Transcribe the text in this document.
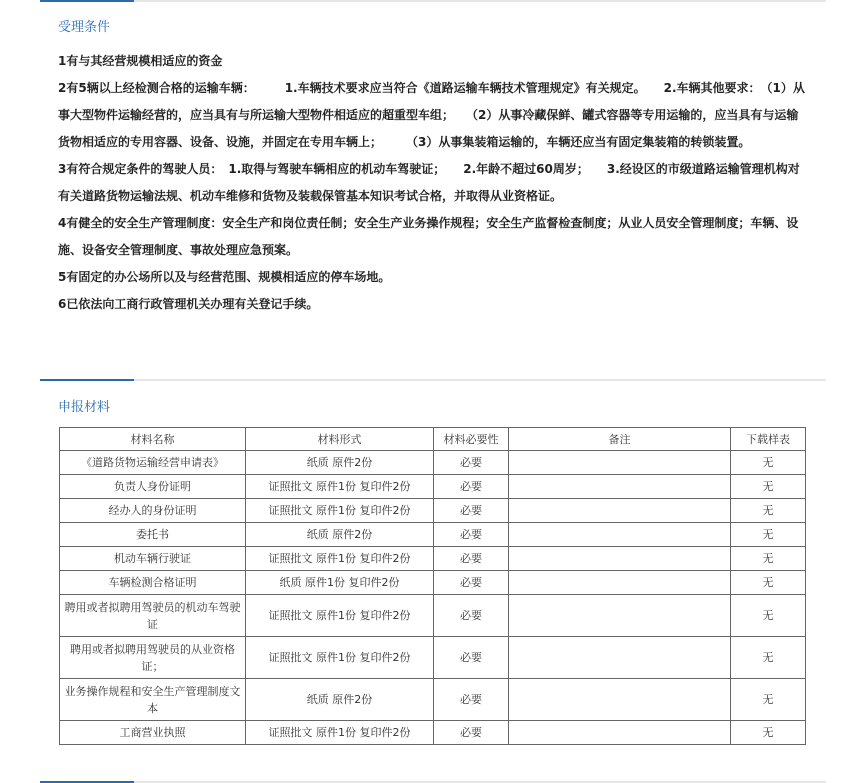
受理条件

1有与其经营规模相适应的资金

2有5辆以上经检测合格的运输车辆：　　　1.车辆技术要求应当符合《道路运输车辆技术管理规定》有关规定。　　2.车辆其他要求：　（1）从事大型物件运输经营的，应当具有与所运输大型物件相适应的超重型车组；　　（2）从事冷藏保鲜、罐式容器等专用运输的，应当具有与运输货物相适应的专用容器、设备、设施，并固定在专用车辆上；　　　（3）从事集装箱运输的，车辆还应当有固定集装箱的转锁装置。

3有符合规定条件的驾驶人员：　1.取得与驾驶车辆相应的机动车驾驶证；　　2.年龄不超过60周岁；　　3.经设区的市级道路运输管理机构对有关道路货物运输法规、机动车维修和货物及装载保管基本知识考试合格，并取得从业资格证。

4有健全的安全生产管理制度：安全生产和岗位责任制；安全生产业务操作规程；安全生产监督检查制度；从业人员安全管理制度；车辆、设施、设备安全管理制度、事故处理应急预案。

5有固定的办公场所以及与经营范围、规模相适应的停车场地。

6已依法向工商行政管理机关办理有关登记手续。

申报材料
材料名称	材料形式	材料必要性	备注	下载样表
《道路货物运输经营申请表》	纸质 原件2份	必要		无
负责人身份证明	证照批文 原件1份 复印件2份	必要		无
经办人的身份证明	证照批文 原件1份 复印件2份	必要		无
委托书	纸质 原件2份	必要		无
机动车辆行驶证	证照批文 原件1份 复印件2份	必要		无
车辆检测合格证明	纸质 原件1份 复印件2份	必要		无
聘用或者拟聘用驾驶员的机动车驾驶证	证照批文 原件1份 复印件2份	必要		无
聘用或者拟聘用驾驶员的从业资格证；	证照批文 原件1份 复印件2份	必要		无
业务操作规程和安全生产管理制度文本	纸质 原件2份	必要		无
工商营业执照	证照批文 原件1份 复印件2份	必要		无
